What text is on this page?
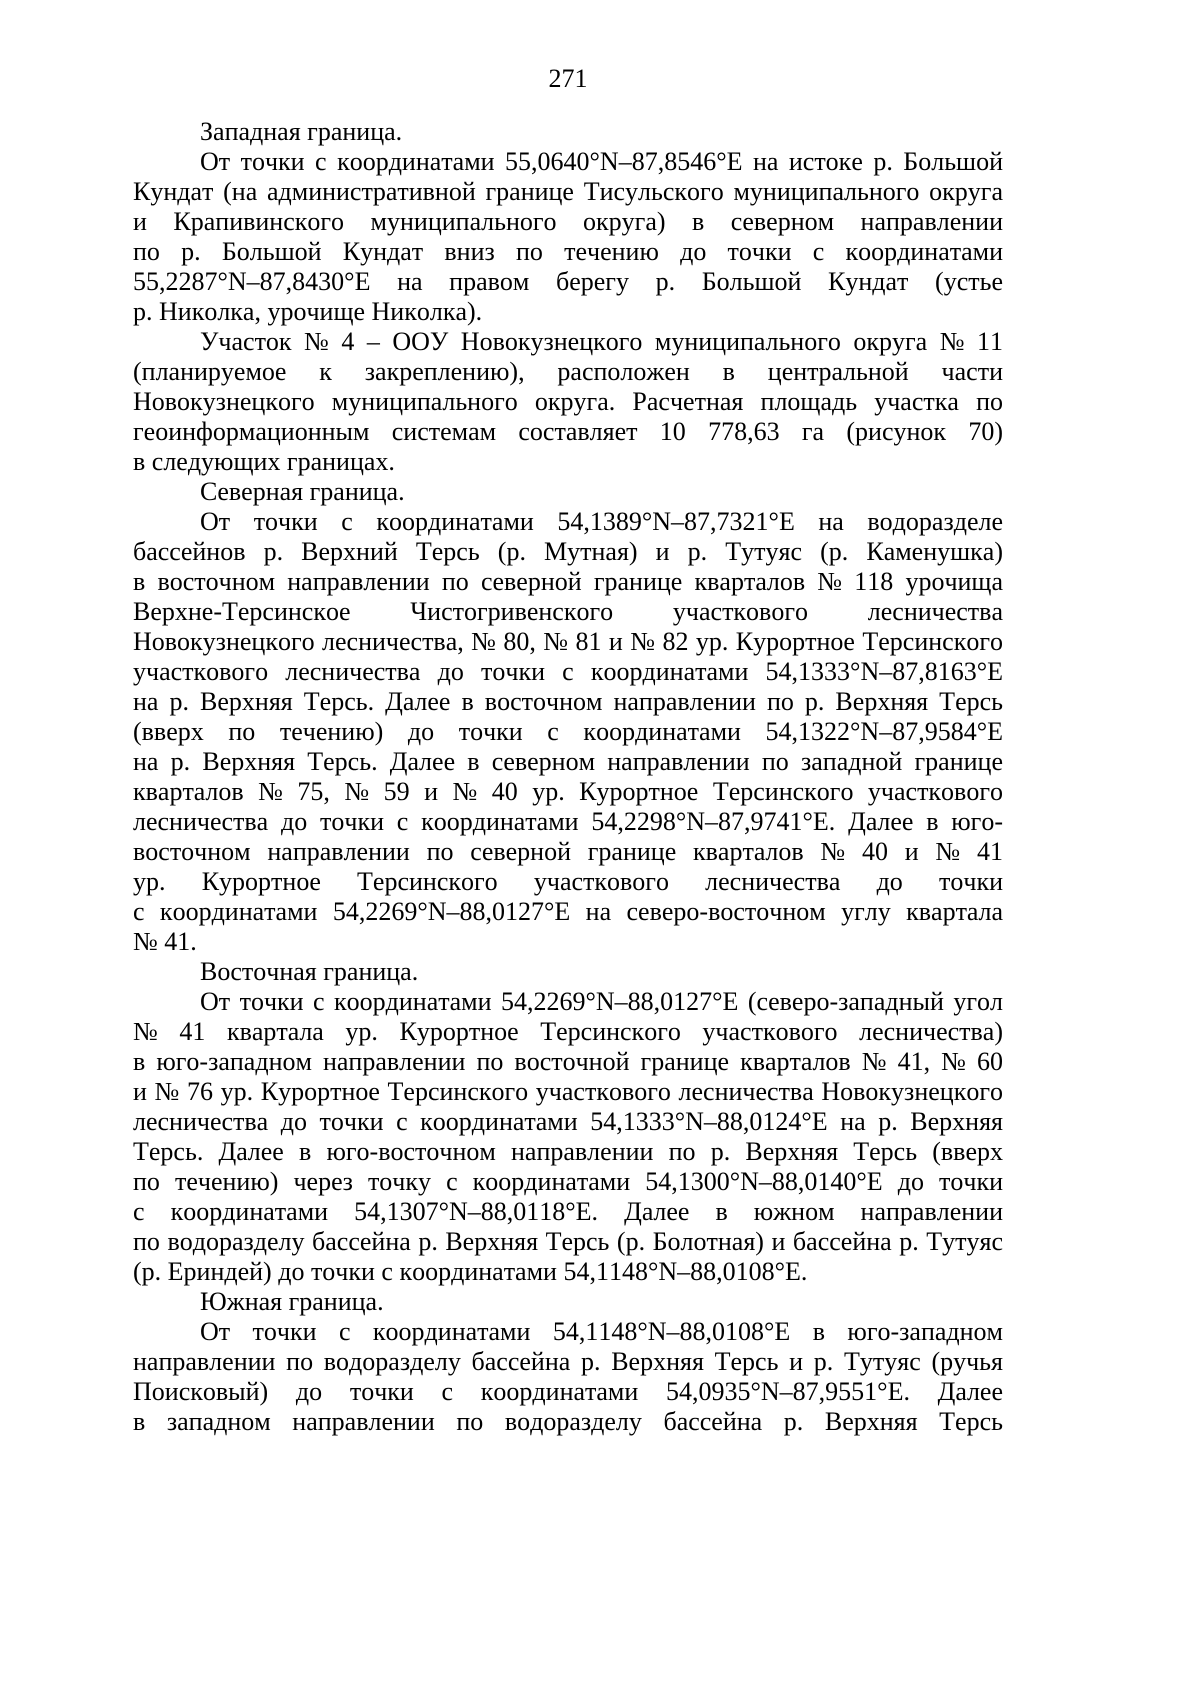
271
Западная граница.
От точки с координатами 55,0640°N–87,8546°E на истоке р. Большой
Кундат (на административной границе Тисульского муниципального округа
и Крапивинского муниципального округа) в северном направлении
по р. Большой Кундат вниз по течению до точки с координатами
55,2287°N–87,8430°E на правом берегу р. Большой Кундат (устье
р. Николка, урочище Николка).
Участок № 4 – ООУ Новокузнецкого муниципального округа № 11
(планируемое к закреплению), расположен в центральной части
Новокузнецкого муниципального округа. Расчетная площадь участка по
геоинформационным системам составляет 10 778,63 га (рисунок 70)
в следующих границах.
Северная граница.
От точки с координатами 54,1389°N–87,7321°E на водоразделе
бассейнов р. Верхний Терсь (р. Мутная) и р. Тутуяс (р. Каменушка)
в восточном направлении по северной границе кварталов № 118 урочища
Верхне-Терсинское Чистогривенского участкового лесничества
Новокузнецкого лесничества, № 80, № 81 и № 82 ур. Курортное Терсинского
участкового лесничества до точки с координатами 54,1333°N–87,8163°E
на р. Верхняя Терсь. Далее в восточном направлении по р. Верхняя Терсь
(вверх по течению) до точки с координатами 54,1322°N–87,9584°E
на р. Верхняя Терсь. Далее в северном направлении по западной границе
кварталов № 75, № 59 и № 40 ур. Курортное Терсинского участкового
лесничества до точки с координатами 54,2298°N–87,9741°E. Далее в юго-
восточном направлении по северной границе кварталов № 40 и № 41
ур. Курортное Терсинского участкового лесничества до точки
с координатами 54,2269°N–88,0127°E на северо-восточном углу квартала
№ 41.
Восточная граница.
От точки с координатами 54,2269°N–88,0127°E (северо-западный угол
№ 41 квартала ур. Курортное Терсинского участкового лесничества)
в юго-западном направлении по восточной границе кварталов № 41, № 60
и № 76 ур. Курортное Терсинского участкового лесничества Новокузнецкого
лесничества до точки с координатами 54,1333°N–88,0124°E на р. Верхняя
Терсь. Далее в юго-восточном направлении по р. Верхняя Терсь (вверх
по течению) через точку с координатами 54,1300°N–88,0140°E до точки
с координатами 54,1307°N–88,0118°E. Далее в южном направлении
по водоразделу бассейна р. Верхняя Терсь (р. Болотная) и бассейна р. Тутуяс
(р. Ериндей) до точки с координатами 54,1148°N–88,0108°E.
Южная граница.
От точки с координатами 54,1148°N–88,0108°E в юго-западном
направлении по водоразделу бассейна р. Верхняя Терсь и р. Тутуяс (ручья
Поисковый) до точки с координатами 54,0935°N–87,9551°E. Далее
в западном направлении по водоразделу бассейна р. Верхняя Терсь
